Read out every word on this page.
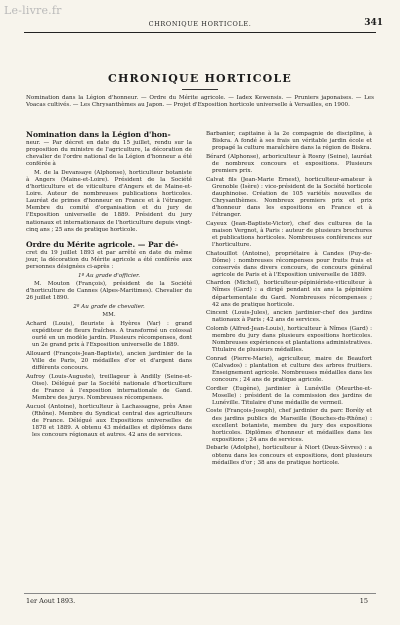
Le-livre.fr
CHRONIQUE HORTICOLE.	341
CHRONIQUE HORTICOLE
Nomination dans la Légion d'honneur. — Ordre du Mérite agricole. — Iadex Kewensis. — Pruniers japonaises. — Les Voacas cultivés. — Les Chrysanthèmes au Japon. — Projet d'Exposition horticole universelle à Versailles, en 1900.
Nomination dans la Légion d'hon-

neur. — Par décret en date du 15 juillet, rendu sur la proposition du ministre de l'agriculture, la décoration de chevalier de l'ordre national de la Légion d'honneur a été conférée à

M. de la Devansaye (Alphonse), horticulteur botaniste à Angers (Maine-et-Loire). Président de la Société d'horticulture et de viticulture d'Angers et de Maine-et-Loire. Auteur de nombreuses publications horticoles. Lauréat de primes d'honneur en France et à l'étranger. Membre du comité d'organisation et du jury de l'Exposition universelle de 1889. Président du jury nationaux et internationaux de l'horticulture depuis vingt-cinq ans ; 25 ans de pratique horticole.

Ordre du Mérite agricole. — Par dé-

cret du 19 juillet 1893 et par arrêté en date du même jour, la décoration du Mérite agricole a été conférée aux personnes désignées ci-après :

1º Au grade d'officier.

M. Mouton (François), président de la Société d'horticulture de Cannes (Alpes-Maritimes). Chevalier du 26 juillet 1890.

2º Au grade de chevalier.

MM.

Achard (Louis), fleuriste à Hyères (Var) : grand expéditeur de fleurs fraîches. A transformé un colossal ourlé en un modèle jardin. Plusieurs récompenses, dont un 2e grand prix à l'Exposition universelle de 1889.

Allouard (François-Jean-Baptiste), ancien jardinier de la Ville de Paris, 20 médailles d'or et d'argent dans différents concours.

Aufroy (Louis-Auguste), treillageur à Andilly (Seine-et-Oise). Délégué par la Société nationale d'horticulture de France à l'exposition internationale de Gand. Membre des jurys. Nombreuses récompenses.

Aucuol (Antoine), horticulteur à Lachassagne, près Anse (Rhône). Membre du Syndicat central des agriculteurs de France. Délégué aux Expositions universelles de 1878 et 1889. A obtenu 43 médailles et diplômes dans les concours régionaux et autres. 42 ans de services.

Barbanier, capitaine à la 2e compagnie de discipline, à Biskra. A fondé à ses frais un véritable jardin école et propagé la culture maraîchère dans la région de Biskra.

Bérard (Alphonse), arboriculteur à Rosny (Seine), lauréat de nombreux concours et expositions. Plusieurs premiers prix.

Calvat fils (Jean-Marie Ernest), horticulteur-amateur à Grenoble (Isère) : vice-président de la Société horticole dauphinoise. Création de 105 variétés nouvelles de Chrysanthèmes. Nombreux premiers prix et prix d'honneur dans les expositions en France et à l'étranger.

Cayeux (Jean-Baptiste-Victor), chef des cultures de la maison Vergnot, à Paris : auteur de plusieurs brochures et publications horticoles. Nombreuses conférences sur l'horticulture.

Chatouillot (Antoine), propriétaire à Candes (Puy-de-Dôme) : nombreuses récompenses pour fruits frais et conservés dans divers concours, de concours général agricole de Paris et à l'Exposition universelle de 1889.

Chardon (Michel), horticulteur-pépiniériste-viticulteur à Nîmes (Gard) : a dirigé pendant six ans la pépinière départementale du Gard. Nombreuses récompenses ; 42 ans de pratique horticole.

Cincent (Louis-Jules), ancien jardinier-chef des jardins nationaux à Paris ; 42 ans de services.

Colomb (Alfred-Jean-Louis), horticulteur à Nîmes (Gard) : membre du jury dans plusieurs expositions horticoles. Nombreuses expériences et plantations administratives. Titulaire de plusieurs médailles.

Conrad (Pierre-Marie), agriculteur, maire de Beaufort (Calvados) : plantation et culture des arbres fruitiers. Enseignement agricole. Nombreuses médailles dans les concours ; 24 ans de pratique agricole.

Cordier (Eugène), jardinier à Lunéville (Meurthe-et-Moselle) : président de la commission des jardins de Lunéville. Titulaire d'une médaille de vermeil.

Coste (François-Joseph), chef jardinier du parc Borély et des jardins publics de Marseille (Bouches-du-Rhône) : excellent botaniste, membre du jury des expositions horticoles. Diplômes d'honneur et médailles dans les expositions ; 24 ans de services.

Debarle (Adolphe), horticulteur à Niort (Deux-Sèvres) : a obtenu dans les concours et expositions, dont plusieurs médailles d'or ; 38 ans de pratique horticole.

1er Aout 1893.	15
